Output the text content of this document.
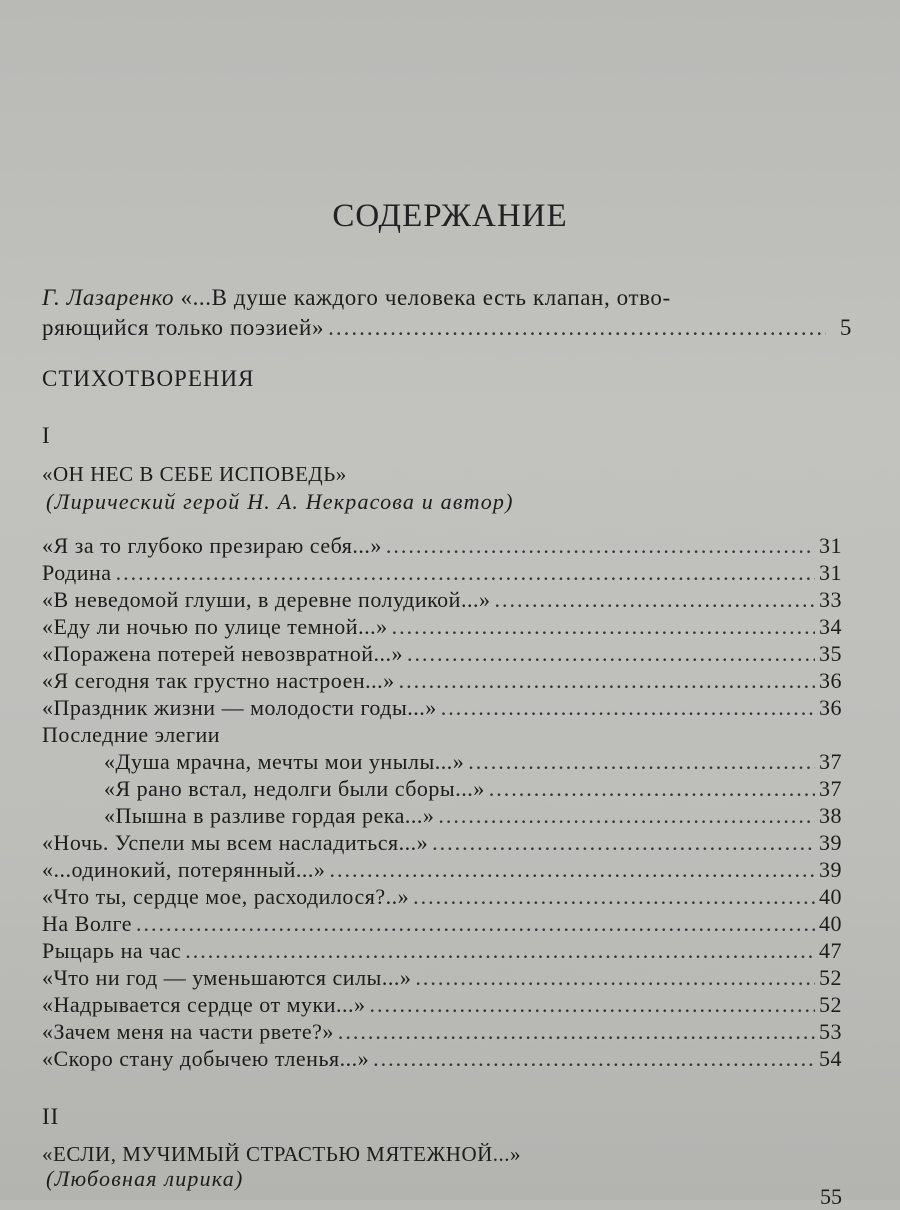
СОДЕРЖАНИЕ
Г. Лазаренко «...В душе каждого человека есть клапан, отво-
ряющийся только поэзией» .....	5
СТИХОТВОРЕНИЯ
I
«ОН НЕС В СЕБЕ ИСПОВЕДЬ»
(Лирический герой Н. А. Некрасова и автор)
«Я за то глубоко презираю себя...» .....	31
Родина .....	31
«В неведомой глуши, в деревне полудикой...» .....	33
«Еду ли ночью по улице темной...» .....	34
«Поражена потерей невозвратной...» .....	35
«Я сегодня так грустно настроен...» .....	36
«Праздник жизни — молодости годы...» .....	36
Последние элегии
«Душа мрачна, мечты мои унылы...» .....	37
«Я рано встал, недолги были сборы...» .....	37
«Пышна в разливе гордая река...» .....	38
«Ночь. Успели мы всем насладиться...» .....	39
«...одинокий, потерянный...» .....	39
«Что ты, сердце мое, расходилося?..» .....	40
На Волге .....	40
Рыцарь на час .....	47
«Что ни год — уменьшаются силы...» .....	52
«Надрывается сердце от муки...» .....	52
«Зачем меня на части рвете?» .....	53
«Скоро стану добычею тленья...» .....	54
II
«ЕСЛИ, МУЧИМЫЙ СТРАСТЬЮ МЯТЕЖНОЙ...»
(Любовная лирика)
55
